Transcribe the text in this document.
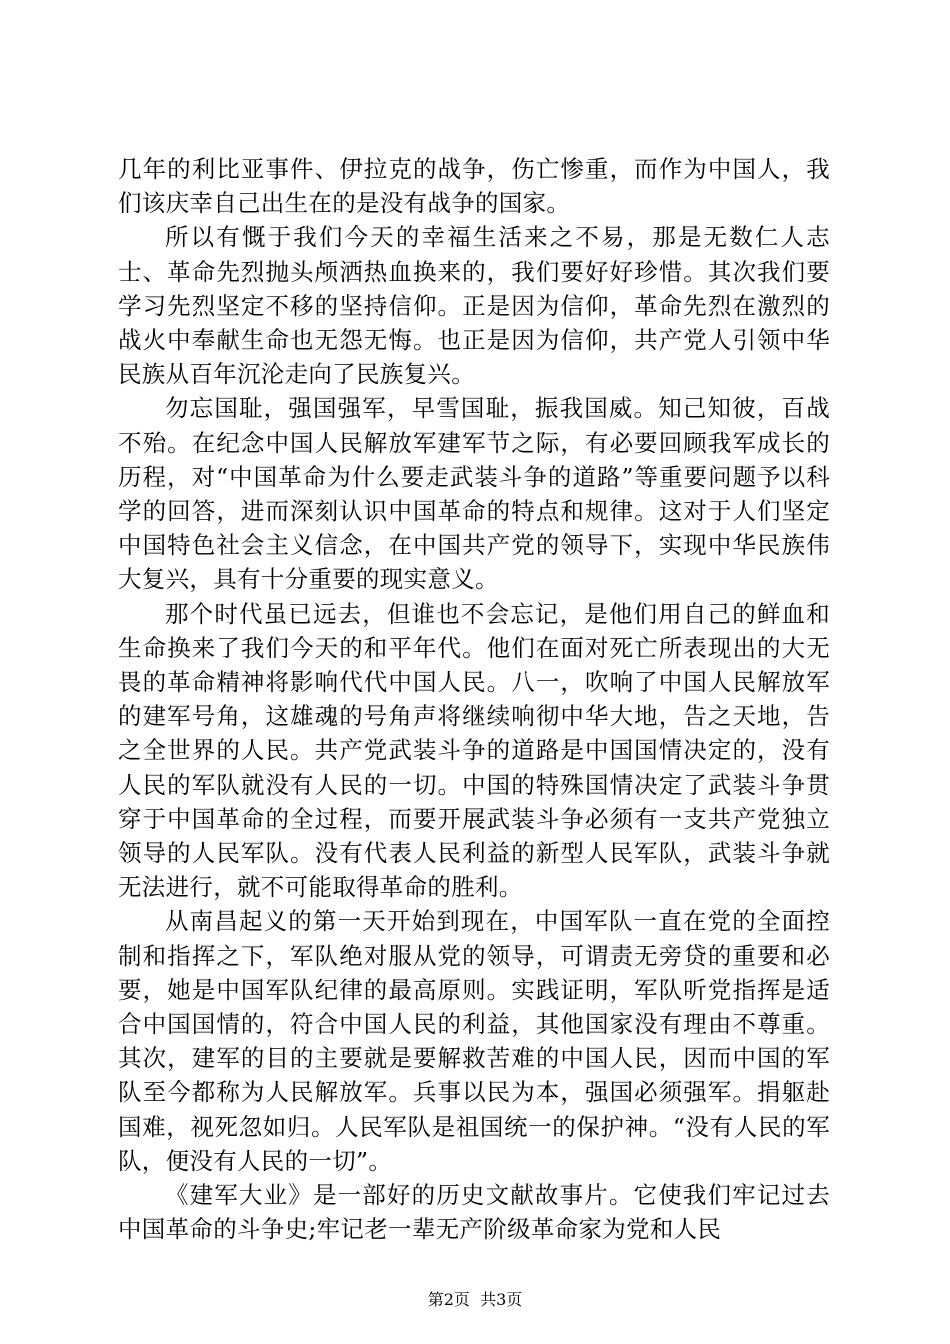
几年的利比亚事件、伊拉克的战争，伤亡惨重，而作为中国人，我们该庆幸自己出生在的是没有战争的国家。

所以有慨于我们今天的幸福生活来之不易，那是无数仁人志士、革命先烈抛头颅洒热血换来的，我们要好好珍惜。其次我们要学习先烈坚定不移的坚持信仰。正是因为信仰，革命先烈在激烈的战火中奉献生命也无怨无悔。也正是因为信仰，共产党人引领中华民族从百年沉沦走向了民族复兴。

勿忘国耻，强国强军，早雪国耻，振我国威。知己知彼，百战不殆。在纪念中国人民解放军建军节之际，有必要回顾我军成长的历程，对“中国革命为什么要走武装斗争的道路”等重要问题予以科学的回答，进而深刻认识中国革命的特点和规律。这对于人们坚定中国特色社会主义信念，在中国共产党的领导下，实现中华民族伟大复兴，具有十分重要的现实意义。

那个时代虽已远去，但谁也不会忘记，是他们用自己的鲜血和生命换来了我们今天的和平年代。他们在面对死亡所表现出的大无畏的革命精神将影响代代中国人民。八一，吹响了中国人民解放军的建军号角，这雄魂的号角声将继续响彻中华大地，告之天地，告之全世界的人民。共产党武装斗争的道路是中国国情决定的，没有人民的军队就没有人民的一切。中国的特殊国情决定了武装斗争贯穿于中国革命的全过程，而要开展武装斗争必须有一支共产党独立领导的人民军队。没有代表人民利益的新型人民军队，武装斗争就无法进行，就不可能取得革命的胜利。

从南昌起义的第一天开始到现在，中国军队一直在党的全面控制和指挥之下，军队绝对服从党的领导，可谓责无旁贷的重要和必要，她是中国军队纪律的最高原则。实践证明，军队听党指挥是适合中国国情的，符合中国人民的利益，其他国家没有理由不尊重。其次，建军的目的主要就是要解救苦难的中国人民，因而中国的军队至今都称为人民解放军。兵事以民为本，强国必须强军。捐躯赴国难，视死忽如归。人民军队是祖国统一的保护神。“没有人民的军队，便没有人民的一切”。

《建军大业》是一部好的历史文献故事片。它使我们牢记过去中国革命的斗争史;牢记老一辈无产阶级革命家为党和人民

第2页 共3页
